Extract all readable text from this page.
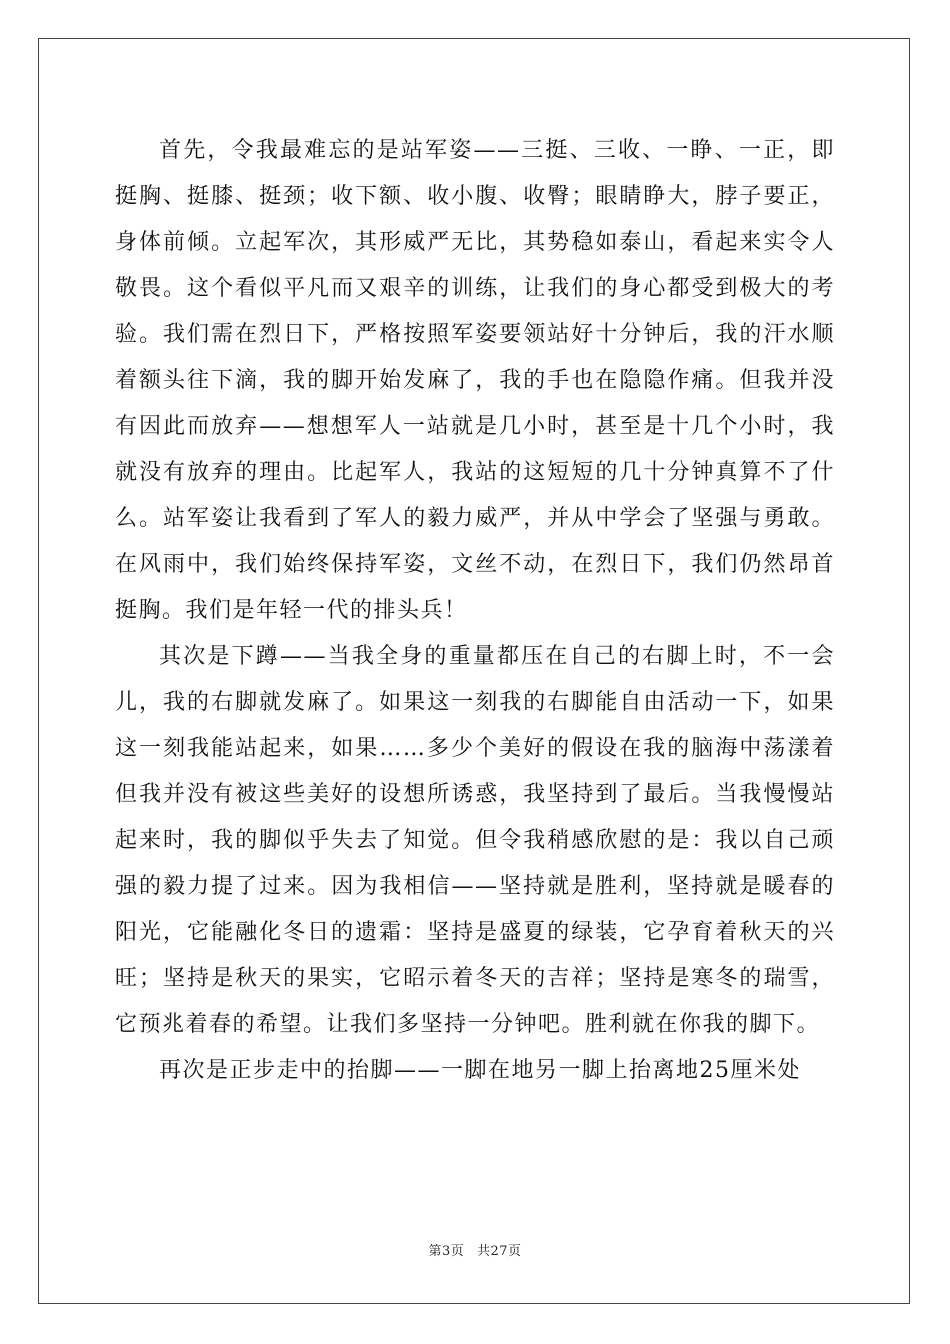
首先，令我最难忘的是站军姿——三挺、三收、一睁、一正，即挺胸、挺膝、挺颈；收下额、收小腹、收臀；眼睛睁大，脖子要正，身体前倾。立起军次，其形威严无比，其势稳如泰山，看起来实令人敬畏。这个看似平凡而又艰辛的训练，让我们的身心都受到极大的考验。我们需在烈日下，严格按照军姿要领站好十分钟后，我的汗水顺着额头往下滴，我的脚开始发麻了，我的手也在隐隐作痛。但我并没有因此而放弃——想想军人一站就是几小时，甚至是十几个小时，我就没有放弃的理由。比起军人，我站的这短短的几十分钟真算不了什么。站军姿让我看到了军人的毅力威严，并从中学会了坚强与勇敢。在风雨中，我们始终保持军姿，文丝不动，在烈日下，我们仍然昂首挺胸。我们是年轻一代的排头兵！

其次是下蹲——当我全身的重量都压在自己的右脚上时，不一会儿，我的右脚就发麻了。如果这一刻我的右脚能自由活动一下，如果这一刻我能站起来，如果……多少个美好的假设在我的脑海中荡漾着但我并没有被这些美好的设想所诱惑，我坚持到了最后。当我慢慢站起来时，我的脚似乎失去了知觉。但令我稍感欣慰的是：我以自己顽强的毅力提了过来。因为我相信——坚持就是胜利，坚持就是暖春的阳光，它能融化冬日的遗霜：坚持是盛夏的绿装，它孕育着秋天的兴旺；坚持是秋天的果实，它昭示着冬天的吉祥；坚持是寒冬的瑞雪，它预兆着春的希望。让我们多坚持一分钟吧。胜利就在你我的脚下。

再次是正步走中的抬脚——一脚在地另一脚上抬离地25厘米处

第3页 共27页
